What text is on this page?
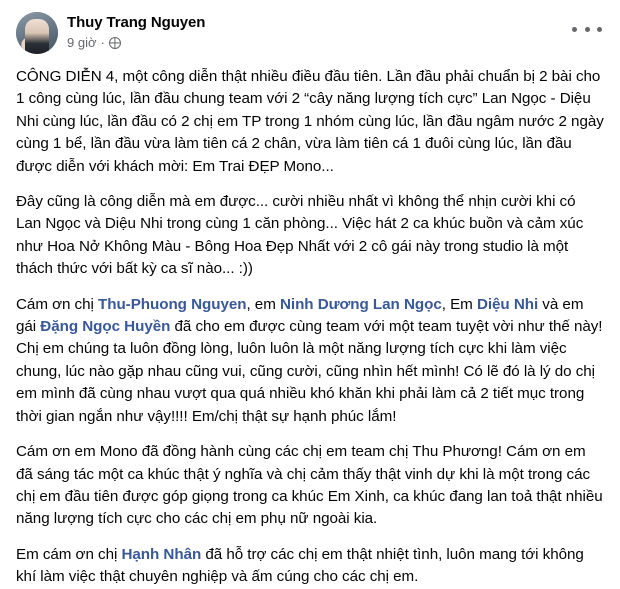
Thuy Trang Nguyen
9 giờ ·
CÔNG DIỄN 4, một công diễn thật nhiều điều đầu tiên. Lần đầu phải chuẩn bị 2 bài cho 1 công cùng lúc, lần đầu chung team với 2 “cây năng lượng tích cực” Lan Ngọc - Diệu Nhi cùng lúc, lần đầu có 2 chị em TP trong 1 nhóm cùng lúc, lần đầu ngâm nước 2 ngày cùng 1 bể, lần đầu vừa làm tiên cá 2 chân, vừa làm tiên cá 1 đuôi cùng lúc, lần đầu được diễn với khách mời: Em Trai ĐẸP Mono...
Đây cũng là công diễn mà em được... cười nhiều nhất vì không thể nhịn cười khi có Lan Ngọc và Diệu Nhi trong cùng 1 căn phòng... Việc hát 2 ca khúc buồn và cảm xúc như Hoa Nở Không Màu - Bông Hoa Đẹp Nhất với 2 cô gái này trong studio là một thách thức với bất kỳ ca sĩ nào... :))
Cám ơn chị Thu-Phuong Nguyen, em Ninh Dương Lan Ngọc, Em Diệu Nhi và em gái Đặng Ngọc Huyền đã cho em được cùng team với một team tuyệt vời như thế này! Chị em chúng ta luôn đồng lòng, luôn luôn là một năng lượng tích cực khi làm việc chung, lúc nào gặp nhau cũng vui, cũng cười, cũng nhìn hết mình! Có lẽ đó là lý do chị em mình đã cùng nhau vượt qua quá nhiều khó khăn khi phải làm cả 2 tiết mục trong thời gian ngắn như vậy!!!! Em/chị thật sự hạnh phúc lắm!
Cám ơn em Mono đã đồng hành cùng các chị em team chị Thu Phương! Cám ơn em đã sáng tác một ca khúc thật ý nghĩa và chị cảm thấy thật vinh dự khi là một trong các chị em đầu tiên được góp giọng trong ca khúc Em Xinh, ca khúc đang lan toả thật nhiều năng lượng tích cực cho các chị em phụ nữ ngoài kia.
Em cám ơn chị Hạnh Nhân đã hỗ trợ các chị em thật nhiệt tình, luôn mang tới không khí làm việc thật chuyên nghiệp và ấm cúng cho các chị em.
